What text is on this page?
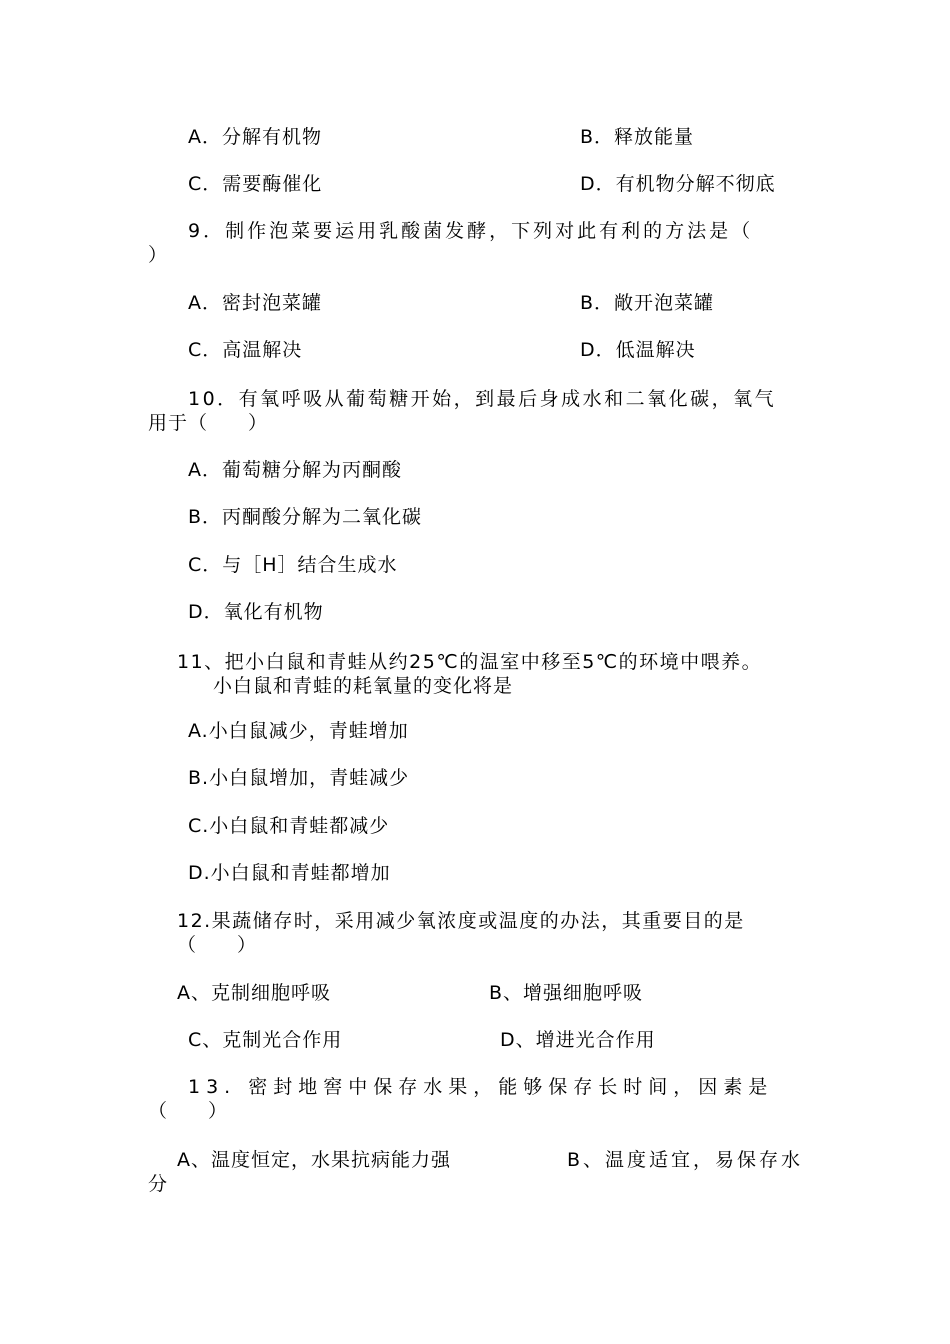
A．分解有机物	B．释放能量
C．需要酶催化	D．有机物分解不彻底
9．制作泡菜要运用乳酸菌发酵，下列对此有利的方法是（
）
A．密封泡菜罐	B．敞开泡菜罐
C．高温解决	D．低温解决
10．有氧呼吸从葡萄糖开始，到最后身成水和二氧化碳，氧气
用于（　　）
A．葡萄糖分解为丙酮酸
B．丙酮酸分解为二氧化碳
C．与［H］结合生成水
D．氧化有机物
11、把小白鼠和青蛙从约25℃的温室中移至5℃的环境中喂养。
小白鼠和青蛙的耗氧量的变化将是
A.小白鼠减少，青蛙增加
B.小白鼠增加，青蛙减少
C.小白鼠和青蛙都减少
D.小白鼠和青蛙都增加
12.果蔬储存时，采用减少氧浓度或温度的办法，其重要目的是
（　　）
A、克制细胞呼吸	B、增强细胞呼吸
C、克制光合作用	D、增进光合作用
13. 密封地窖中保存水果，能够保存长时间，因素是
（　　）
A、温度恒定，水果抗病能力强	B、温度适宜，易保存水
分
